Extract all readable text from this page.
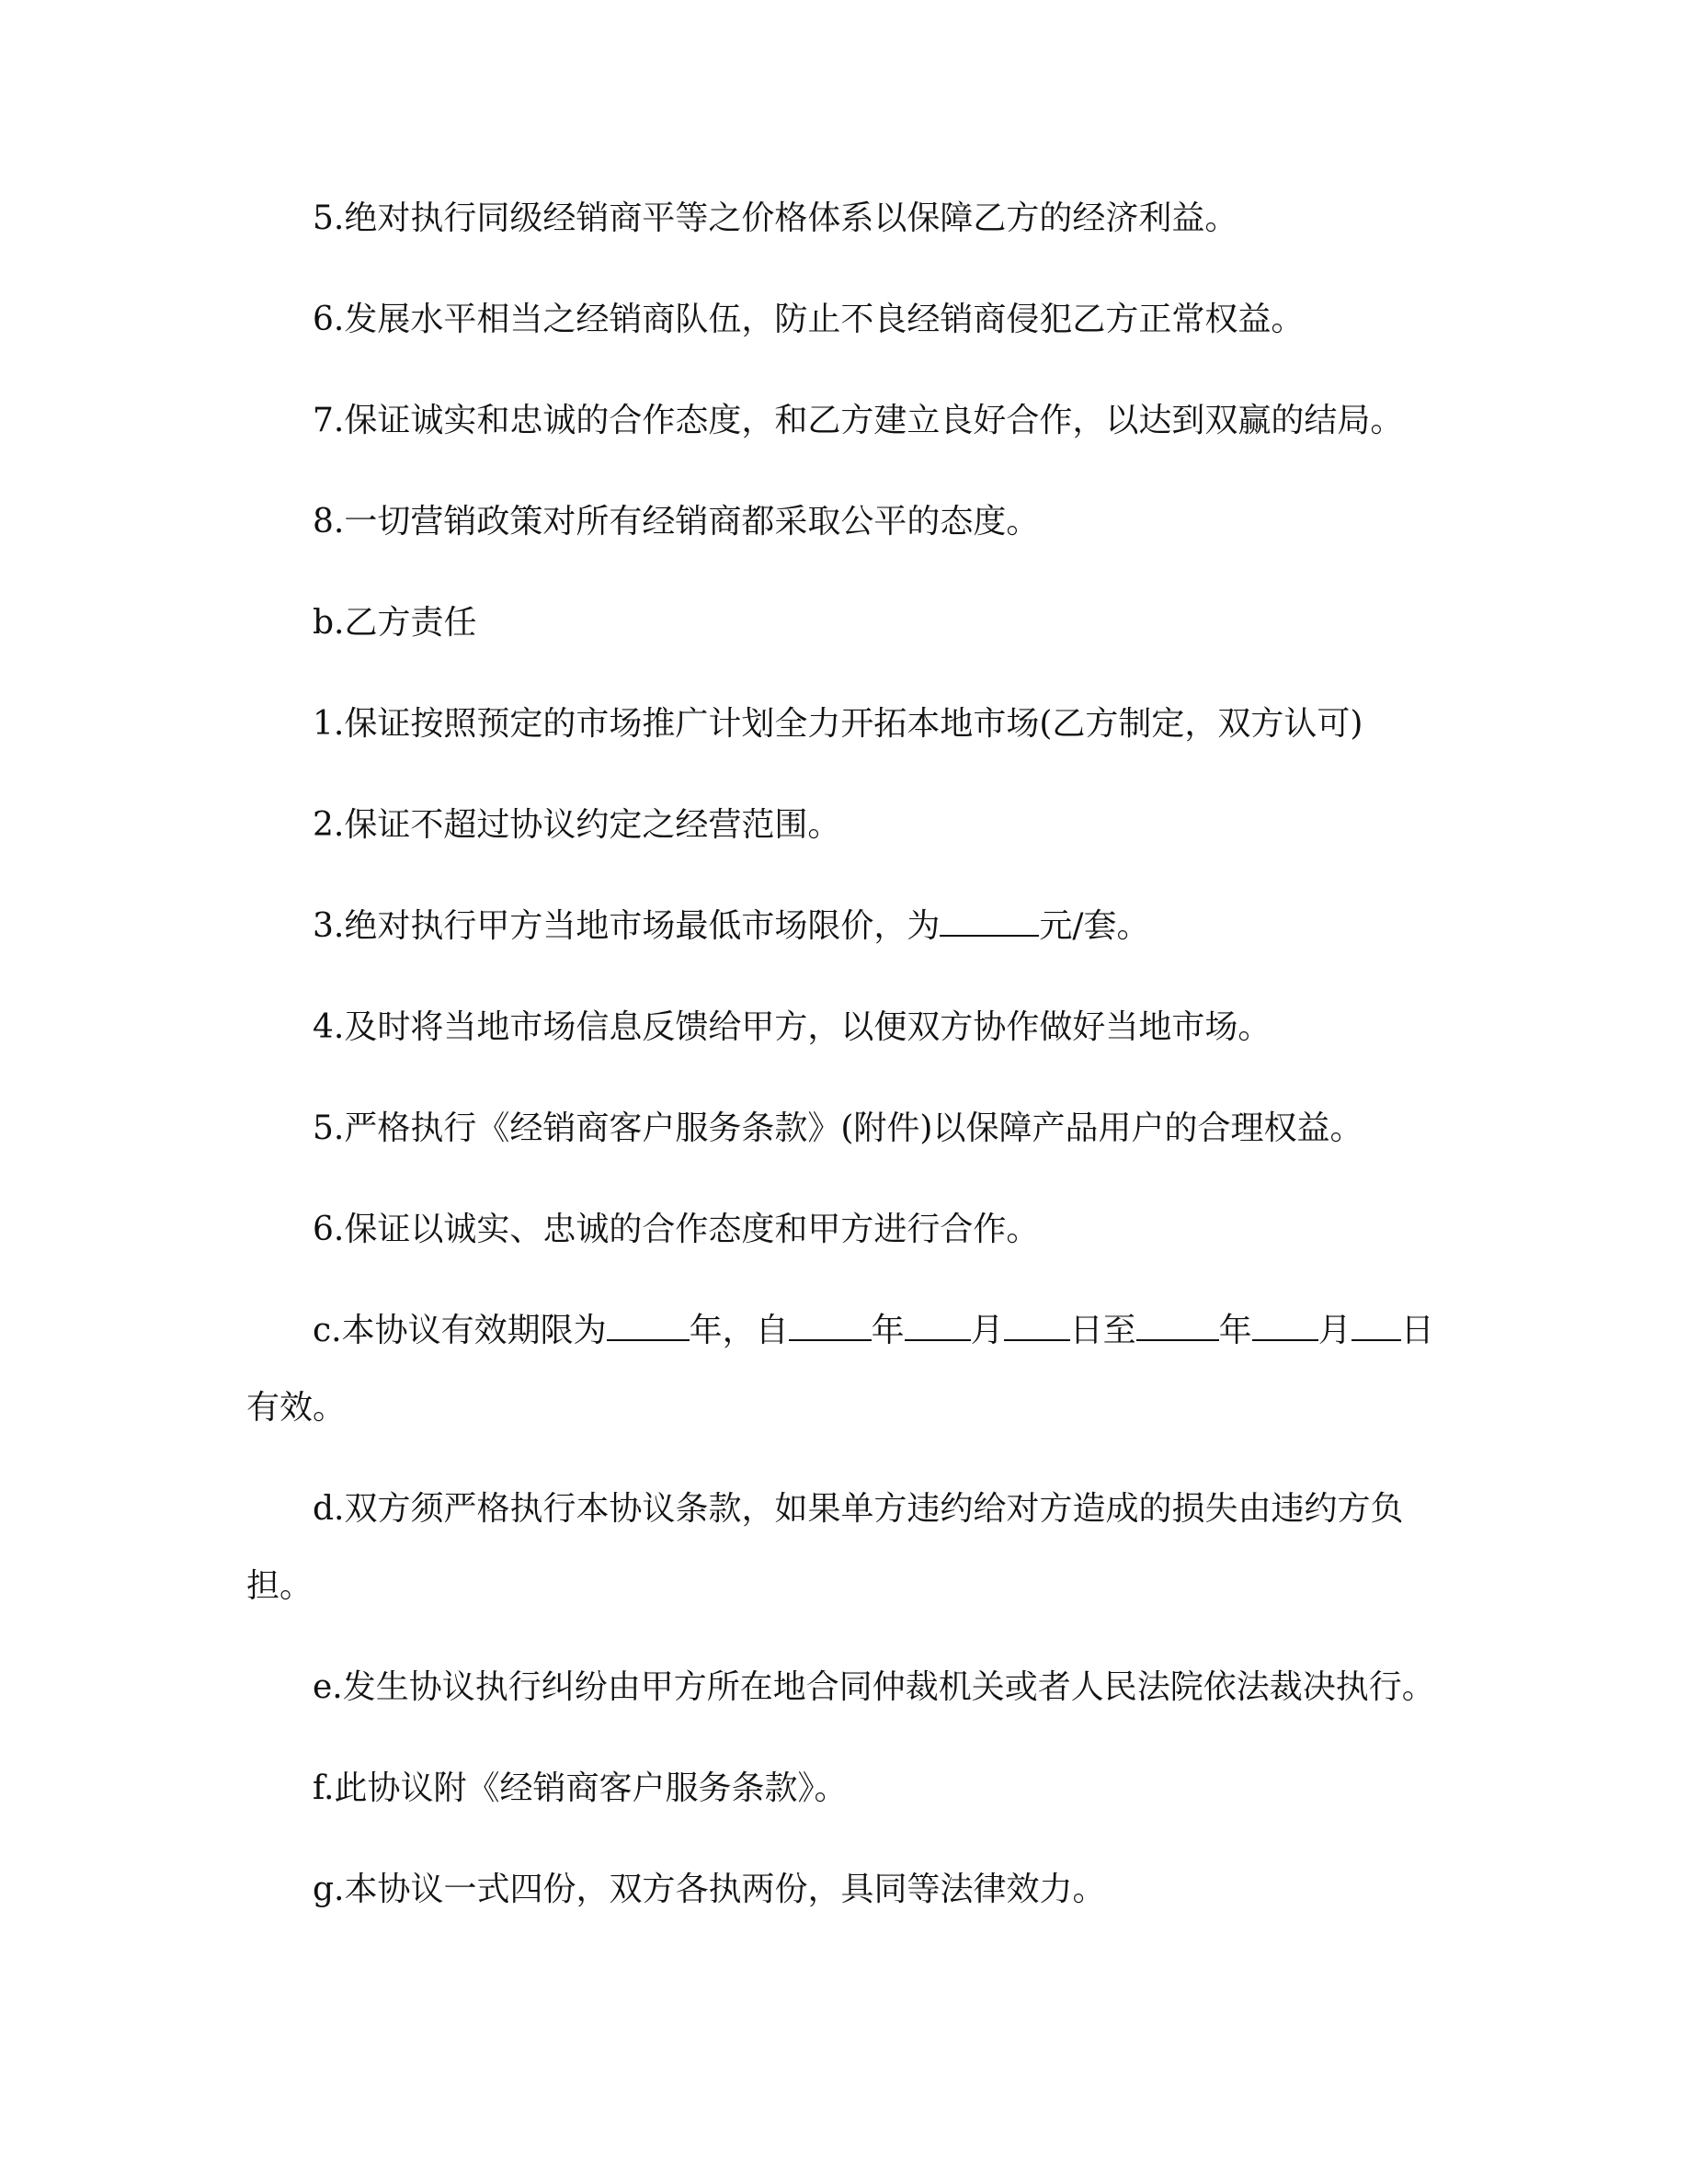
5.绝对执行同级经销商平等之价格体系以保障乙方的经济利益。

6.发展水平相当之经销商队伍，防止不良经销商侵犯乙方正常权益。

7.保证诚实和忠诚的合作态度，和乙方建立良好合作，以达到双赢的结局。

8.一切营销政策对所有经销商都采取公平的态度。

b.乙方责任

1.保证按照预定的市场推广计划全力开拓本地市场(乙方制定，双方认可)

2.保证不超过协议约定之经营范围。

3.绝对执行甲方当地市场最低市场限价，为	元/套。

4.及时将当地市场信息反馈给甲方，以便双方协作做好当地市场。

5.严格执行《经销商客户服务条款》(附件)以保障产品用户的合理权益。

6.保证以诚实、忠诚的合作态度和甲方进行合作。

c.本协议有效期限为	年，自	年 月 日至	年 月 日

有效。

d.双方须严格执行本协议条款，如果单方违约给对方造成的损失由违约方负

担。

e.发生协议执行纠纷由甲方所在地合同仲裁机关或者人民法院依法裁决执行。

f.此协议附《经销商客户服务条款》。

g.本协议一式四份，双方各执两份，具同等法律效力。
